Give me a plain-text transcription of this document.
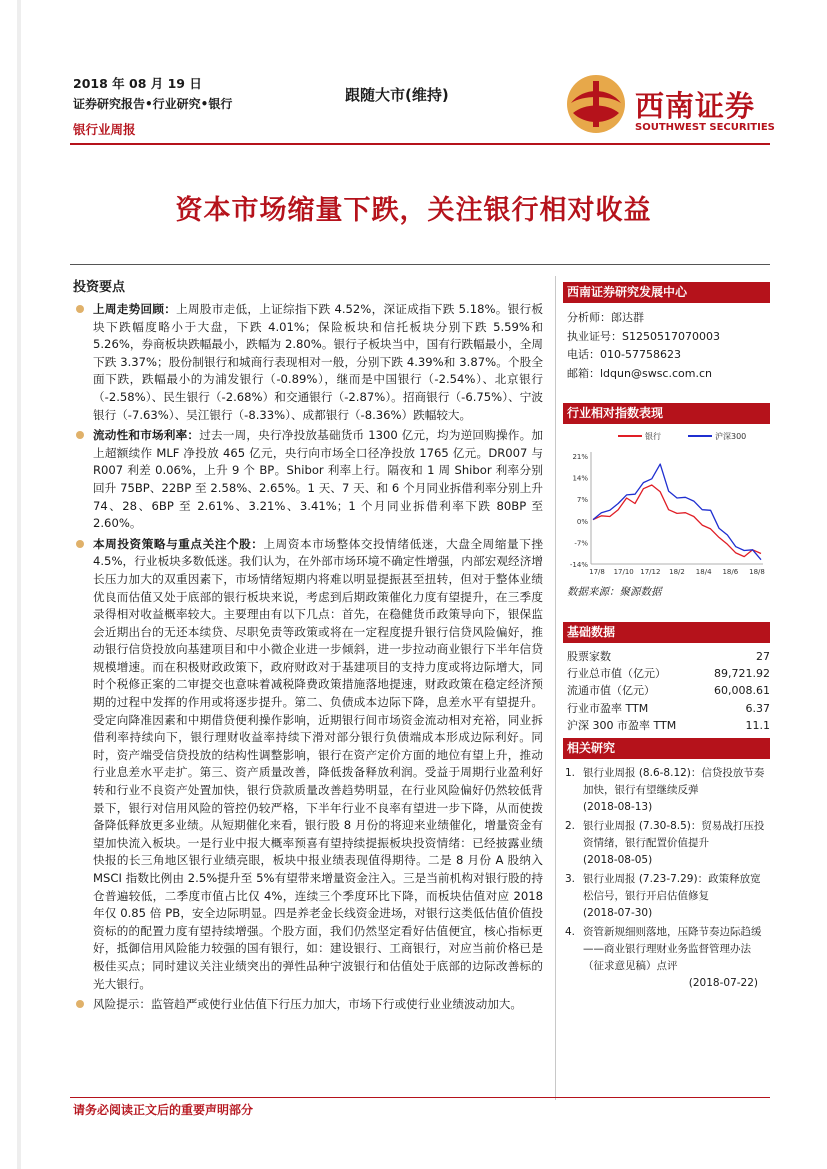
2018 年 08 月 19 日
证券研究报告•行业研究•银行
银行业周报
跟随大市(维持)	西南证券
SOUTHWEST SECURITIES
资本市场缩量下跌，关注银行相对收益
投资要点
上周走势回顾：上周股市走低，上证综指下跌 4.52%，深证成指下跌 5.18%。银行板块下跌幅度略小于大盘，下跌 4.01%；保险板块和信托板块分别下跌 5.59%和 5.26%，券商板块跌幅最小，跌幅为 2.80%。银行子板块当中，国有行跌幅最小，全周下跌 3.37%；股份制银行和城商行表现相对一般，分别下跌 4.39%和 3.87%。个股全面下跌，跌幅最小的为浦发银行（-0.89%），继而是中国银行（-2.54%）、北京银行（-2.58%）、民生银行（-2.68%）和交通银行（-2.87%）。招商银行（-6.75%）、宁波银行（-7.63%）、吴江银行（-8.33%）、成都银行（-8.36%）跌幅较大。
流动性和市场利率：过去一周，央行净投放基础货币 1300 亿元，均为逆回购操作。加上超额续作 MLF 净投放 465 亿元，央行向市场全口径净投放 1765 亿元。DR007 与 R007 利差 0.06%，上升 9 个 BP。Shibor 利率上行。隔夜和 1 周 Shibor 利率分别回升 75BP、22BP 至 2.58%、2.65%。1 天、7 天、和 6 个月同业拆借利率分别上升 74、28、6BP 至 2.61%、3.21%、3.41%；1 个月同业拆借利率下跌 80BP 至 2.60%。
本周投资策略与重点关注个股：上周资本市场整体交投情绪低迷，大盘全周缩量下挫 4.5%，行业板块多数低迷。我们认为，在外部市场环境不确定性增强，内部宏观经济增长压力加大的双重因素下，市场情绪短期内将难以明显提振甚至扭转，但对于整体业绩优良而估值又处于底部的银行板块来说，考虑到后期政策催化力度有望提升，在三季度录得相对收益概率较大。主要理由有以下几点：首先，在稳健货币政策导向下，银保监会近期出台的无还本续贷、尽职免责等政策或将在一定程度提升银行信贷风险偏好，推动银行信贷投放向基建项目和中小微企业进一步倾斜，进一步拉动商业银行下半年信贷规模增速。而在积极财政政策下，政府财政对于基建项目的支持力度或将边际增大，同时个税修正案的二审提交也意味着减税降费政策措施落地提速，财政政策在稳定经济预期的过程中发挥的作用或将逐步提升。第二、负债成本边际下降，息差水平有望提升。受定向降准因素和中期借贷便利操作影响，近期银行间市场资金流动相对充裕，同业拆借利率持续向下，银行理财收益率持续下滑对部分银行负债端成本形成边际利好。同时，资产端受信贷投放的结构性调整影响，银行在资产定价方面的地位有望上升，推动行业息差水平走扩。第三、资产质量改善，降低拨备释放利润。受益于周期行业盈利好转和行业不良资产处置加快，银行贷款质量改善趋势明显，在行业风险偏好仍然较低背景下，银行对信用风险的管控仍较严格，下半年行业不良率有望进一步下降，从而使拨备降低释放更多业绩。从短期催化来看，银行股 8 月份的将迎来业绩催化，增量资金有望加快流入板块。一是行业中报大概率预喜有望持续提振板块投资情绪：已经披露业绩快报的长三角地区银行业绩亮眼，板块中报业绩表现值得期待。二是 8 月份 A 股纳入 MSCI 指数比例由 2.5%提升至 5%有望带来增量资金注入。三是当前机构对银行股的持仓普遍较低，二季度市值占比仅 4%，连续三个季度环比下降，而板块估值对应 2018 年仅 0.85 倍 PB，安全边际明显。四是养老金长线资金进场，对银行这类低估值价值投资标的的配置力度有望持续增强。个股方面，我们仍然坚定看好估值便宜，核心指标更好，抵御信用风险能力较强的国有银行，如：建设银行、工商银行，对应当前价格已是极佳买点；同时建议关注业绩突出的弹性品种宁波银行和估值处于底部的边际改善标的光大银行。
风险提示：监管趋严或使行业估值下行压力加大，市场下行或使行业业绩波动加大。
西南证券研究发展中心
分析师：郎达群
执业证号：S1250517070003
电话：010-57758623
邮箱：ldqun@swsc.com.cn
行业相对指数表现
21%
14%
7%
0%
-7%
-14%
17/8 17/10 17/12 18/2 18/4 18/6 18/8
银行	沪深300
数据来源：聚源数据
基础数据
股票家数	27
行业总市值（亿元）	89,721.92
流通市值（亿元）	60,008.61
行业市盈率 TTM	6.37
沪深 300 市盈率 TTM	11.1
相关研究
1. 银行业周报 (8.6-8.12)：信贷投放节奏加快，银行有望继续反弹
(2018-08-13)
2. 银行业周报 (7.30-8.5)：贸易战打压投资情绪，银行配置价值提升
(2018-08-05)
3. 银行业周报 (7.23-7.29)：政策释放宽松信号，银行开启估值修复
(2018-07-30)
4. 资管新规细则落地，压降节奏边际趋缓——商业银行理财业务监督管理办法（征求意见稿）点评
(2018-07-22)
请务必阅读正文后的重要声明部分
